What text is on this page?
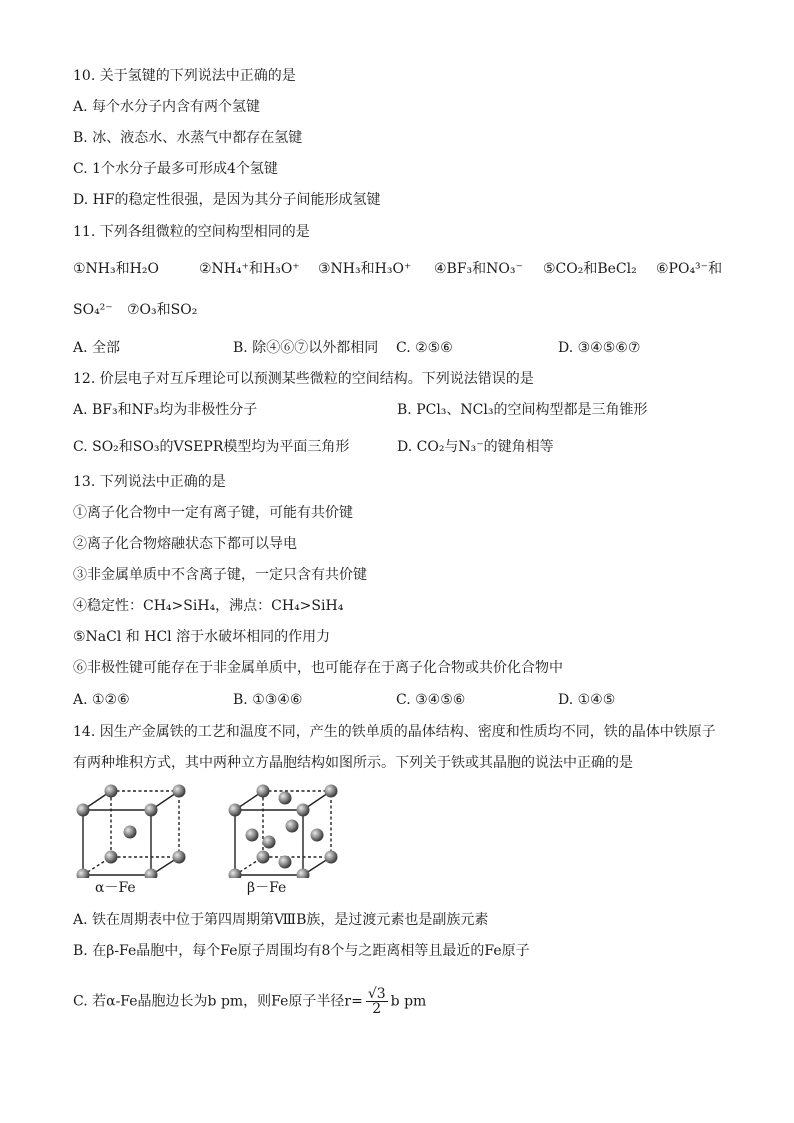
10. 关于氢键的下列说法中正确的是
A. 每个水分子内含有两个氢键
B. 冰、液态水、水蒸气中都存在氢键
C. 1个水分子最多可形成4个氢键
D. HF的稳定性很强，是因为其分子间能形成氢键
11. 下列各组微粒的空间构型相同的是
①NH₃和H₂O	②NH₄⁺和H₃O⁺ ③NH₃和H₃O⁺ ④BF₃和NO₃⁻ ⑤CO₂和BeCl₂ ⑥PO₄³⁻和
SO₄²⁻ ⑦O₃和SO₂
A. 全部	B. 除④⑥⑦以外都相同 C. ②⑤⑥	D. ③④⑤⑥⑦
12. 价层电子对互斥理论可以预测某些微粒的空间结构。下列说法错误的是
A. BF₃和NF₃均为非极性分子	B. PCl₃、NCl₃的空间构型都是三角锥形
C. SO₂和SO₃的VSEPR模型均为平面三角形	D. CO₂与N₃⁻的键角相等
13. 下列说法中正确的是
①离子化合物中一定有离子键，可能有共价键
②离子化合物熔融状态下都可以导电
③非金属单质中不含离子键，一定只含有共价键
④稳定性：CH₄>SiH₄，沸点：CH₄>SiH₄
⑤NaCl 和 HCl 溶于水破坏相同的作用力
⑥非极性键可能存在于非金属单质中，也可能存在于离子化合物或共价化合物中
A. ①②⑥	B. ①③④⑥	C. ③④⑤⑥	D. ①④⑤
14. 因生产金属铁的工艺和温度不同，产生的铁单质的晶体结构、密度和性质均不同，铁的晶体中铁原子
有两种堆积方式，其中两种立方晶胞结构如图所示。下列关于铁或其晶胞的说法中正确的是
α－Fe	β－Fe
A. 铁在周期表中位于第四周期第ⅧB族，是过渡元素也是副族元素
B. 在β-Fe晶胞中，每个Fe原子周围均有8个与之距离相等且最近的Fe原子
C. 若α-Fe晶胞边长为b pm，则Fe原子半径$r= \frac{√3}{2}$ b pm
